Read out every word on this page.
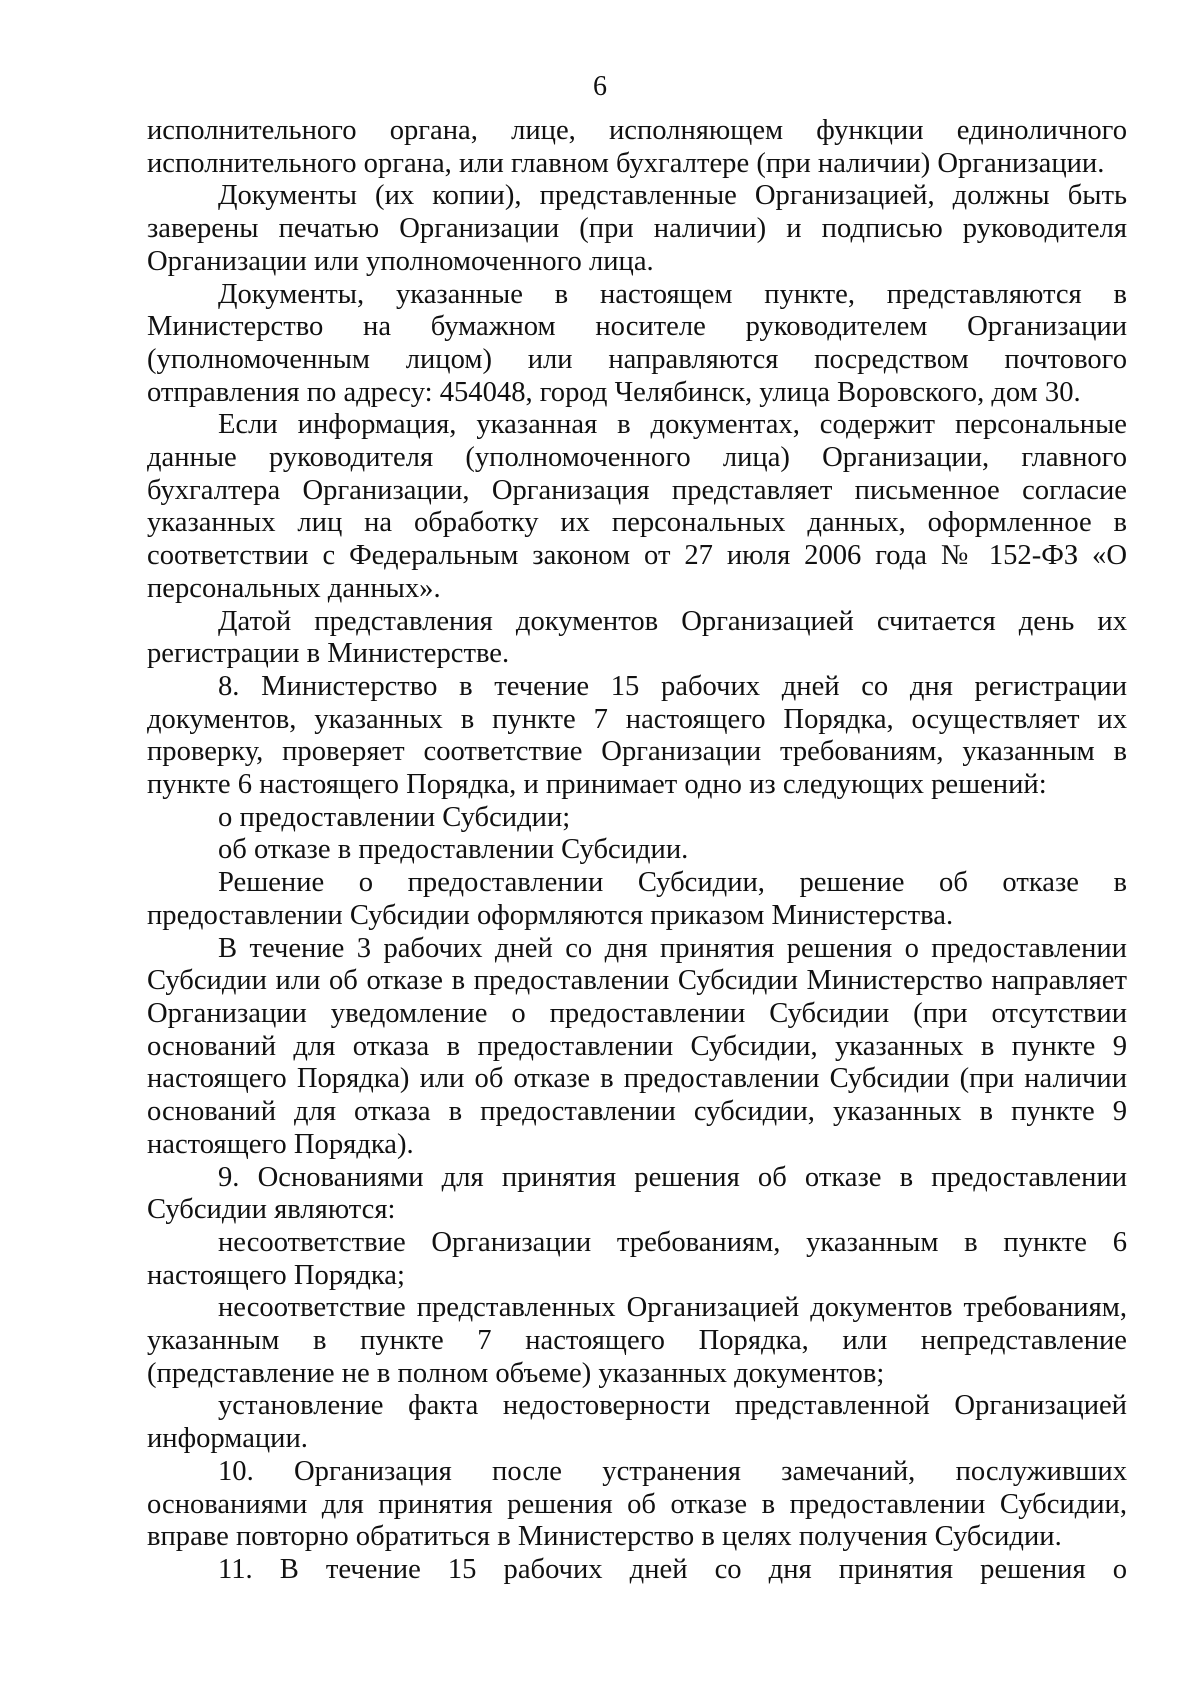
6

исполнительного органа, лице, исполняющем функции единоличного исполнительного органа, или главном бухгалтере (при наличии) Организации.

Документы (их копии), представленные Организацией, должны быть заверены печатью Организации (при наличии) и подписью руководителя Организации или уполномоченного лица.

Документы, указанные в настоящем пункте, представляются в Министерство на бумажном носителе руководителем Организации (уполномоченным лицом) или направляются посредством почтового отправления по адресу: 454048, город Челябинск, улица Воровского, дом 30.

Если информация, указанная в документах, содержит персональные данные руководителя (уполномоченного лица) Организации, главного бухгалтера Организации, Организация представляет письменное согласие указанных лиц на обработку их персональных данных, оформленное в соответствии с Федеральным законом от 27 июля 2006 года № 152-ФЗ «О персональных данных».

Датой представления документов Организацией считается день их регистрации в Министерстве.

8. Министерство в течение 15 рабочих дней со дня регистрации документов, указанных в пункте 7 настоящего Порядка, осуществляет их проверку, проверяет соответствие Организации требованиям, указанным в пункте 6 настоящего Порядка, и принимает одно из следующих решений:

о предоставлении Субсидии;

об отказе в предоставлении Субсидии.

Решение о предоставлении Субсидии, решение об отказе в предоставлении Субсидии оформляются приказом Министерства.

В течение 3 рабочих дней со дня принятия решения о предоставлении Субсидии или об отказе в предоставлении Субсидии Министерство направляет Организации уведомление о предоставлении Субсидии (при отсутствии оснований для отказа в предоставлении Субсидии, указанных в пункте 9 настоящего Порядка) или об отказе в предоставлении Субсидии (при наличии оснований для отказа в предоставлении субсидии, указанных в пункте 9 настоящего Порядка).

9. Основаниями для принятия решения об отказе в предоставлении Субсидии являются:

несоответствие Организации требованиям, указанным в пункте 6 настоящего Порядка;

несоответствие представленных Организацией документов требованиям, указанным в пункте 7 настоящего Порядка, или непредставление (представление не в полном объеме) указанных документов;

установление факта недостоверности представленной Организацией информации.

10. Организация после устранения замечаний, послуживших основаниями для принятия решения об отказе в предоставлении Субсидии, вправе повторно обратиться в Министерство в целях получения Субсидии.

11. В течение 15 рабочих дней со дня принятия решения о
